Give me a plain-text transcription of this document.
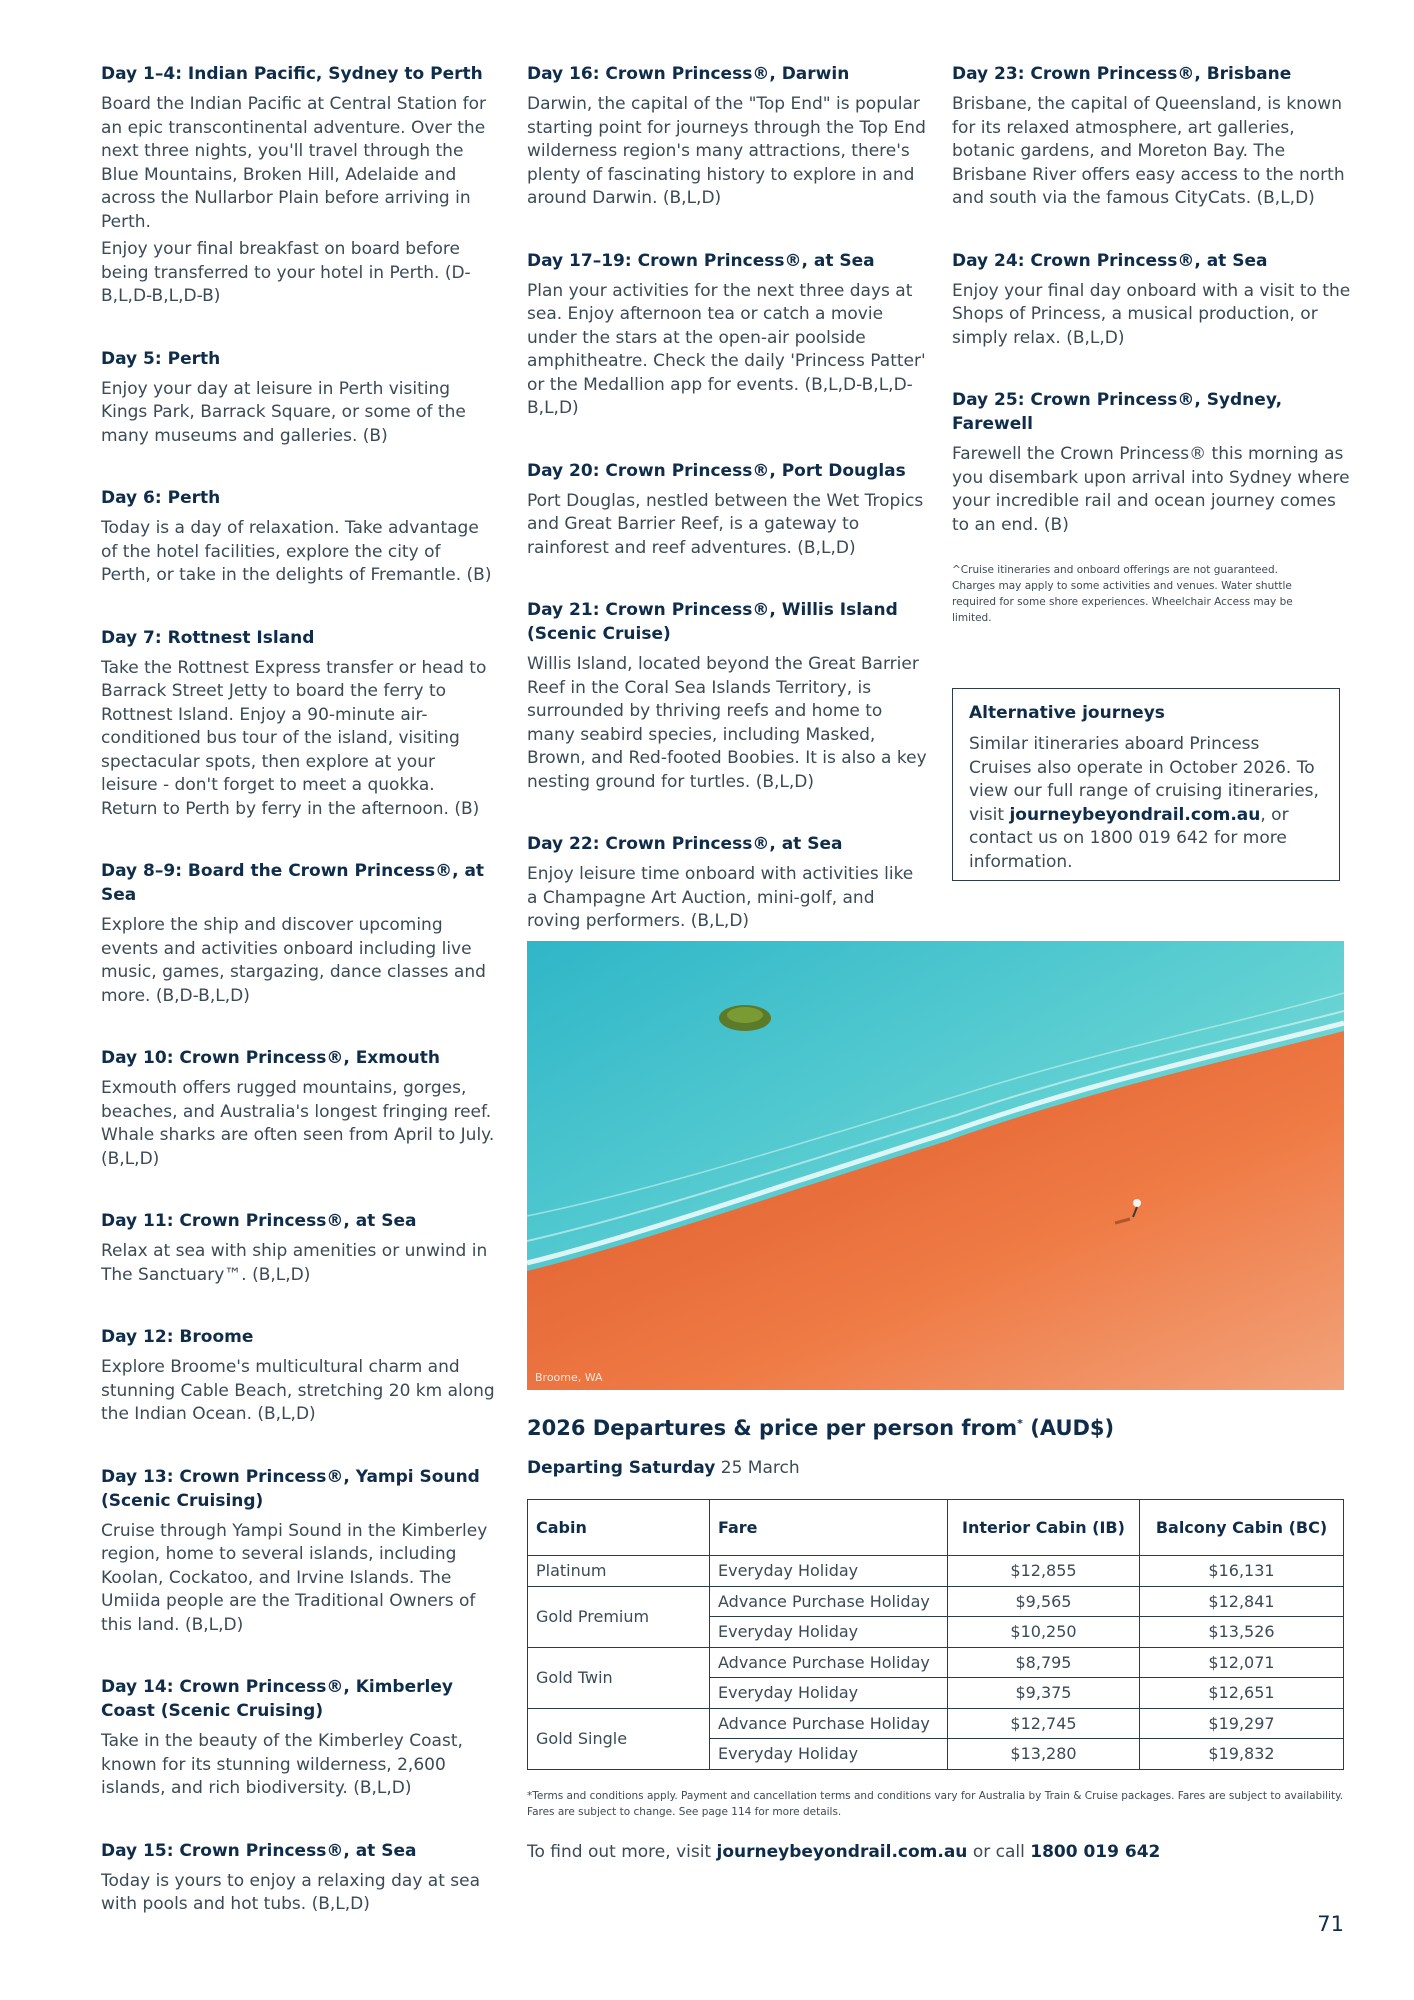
Day 1–4: Indian Pacific, Sydney to Perth

Board the Indian Pacific at Central Station for an epic transcontinental adventure. Over the next three nights, you'll travel through the Blue Mountains, Broken Hill, Adelaide and across the Nullarbor Plain before arriving in Perth.

Enjoy your final breakfast on board before being transferred to your hotel in Perth. (D-B,L,D-B,L,D-B)

Day 5: Perth

Enjoy your day at leisure in Perth visiting Kings Park, Barrack Square, or some of the many museums and galleries. (B)

Day 6: Perth

Today is a day of relaxation. Take advantage of the hotel facilities, explore the city of Perth, or take in the delights of Fremantle. (B)

Day 7: Rottnest Island

Take the Rottnest Express transfer or head to Barrack Street Jetty to board the ferry to Rottnest Island. Enjoy a 90-minute air-conditioned bus tour of the island, visiting spectacular spots, then explore at your leisure - don't forget to meet a quokka. Return to Perth by ferry in the afternoon. (B)

Day 8–9: Board the Crown Princess®, at Sea

Explore the ship and discover upcoming events and activities onboard including live music, games, stargazing, dance classes and more. (B,D-B,L,D)

Day 10: Crown Princess®, Exmouth

Exmouth offers rugged mountains, gorges, beaches, and Australia's longest fringing reef. Whale sharks are often seen from April to July. (B,L,D)

Day 11: Crown Princess®, at Sea

Relax at sea with ship amenities or unwind in The Sanctuary™. (B,L,D)

Day 12: Broome

Explore Broome's multicultural charm and stunning Cable Beach, stretching 20 km along the Indian Ocean. (B,L,D)

Day 13: Crown Princess®, Yampi Sound (Scenic Cruising)

Cruise through Yampi Sound in the Kimberley region, home to several islands, including Koolan, Cockatoo, and Irvine Islands. The Umiida people are the Traditional Owners of this land. (B,L,D)

Day 14: Crown Princess®, Kimberley Coast (Scenic Cruising)

Take in the beauty of the Kimberley Coast, known for its stunning wilderness, 2,600 islands, and rich biodiversity. (B,L,D)

Day 15: Crown Princess®, at Sea

Today is yours to enjoy a relaxing day at sea with pools and hot tubs. (B,L,D)

Day 16: Crown Princess®, Darwin

Darwin, the capital of the "Top End" is popular starting point for journeys through the Top End wilderness region's many attractions, there's plenty of fascinating history to explore in and around Darwin. (B,L,D)

Day 17–19: Crown Princess®, at Sea

Plan your activities for the next three days at sea. Enjoy afternoon tea or catch a movie under the stars at the open-air poolside amphitheatre. Check the daily 'Princess Patter' or the Medallion app for events. (B,L,D-B,L,D-B,L,D)

Day 20: Crown Princess®, Port Douglas

Port Douglas, nestled between the Wet Tropics and Great Barrier Reef, is a gateway to rainforest and reef adventures. (B,L,D)

Day 21: Crown Princess®, Willis Island (Scenic Cruise)

Willis Island, located beyond the Great Barrier Reef in the Coral Sea Islands Territory, is surrounded by thriving reefs and home to many seabird species, including Masked, Brown, and Red-footed Boobies. It is also a key nesting ground for turtles. (B,L,D)

Day 22: Crown Princess®, at Sea

Enjoy leisure time onboard with activities like a Champagne Art Auction, mini-golf, and roving performers. (B,L,D)

Day 23: Crown Princess®, Brisbane

Brisbane, the capital of Queensland, is known for its relaxed atmosphere, art galleries, botanic gardens, and Moreton Bay. The Brisbane River offers easy access to the north and south via the famous CityCats. (B,L,D)

Day 24: Crown Princess®, at Sea

Enjoy your final day onboard with a visit to the Shops of Princess, a musical production, or simply relax. (B,L,D)

Day 25: Crown Princess®, Sydney, Farewell

Farewell the Crown Princess® this morning as you disembark upon arrival into Sydney where your incredible rail and ocean journey comes to an end. (B)

^Cruise itineraries and onboard offerings are not guaranteed. Charges may apply to some activities and venues. Water shuttle required for some shore experiences. Wheelchair Access may be limited.
Alternative journeys

Similar itineraries aboard Princess Cruises also operate in October 2026. To view our full range of cruising itineraries, visit journeybeyondrail.com.au, or contact us on 1800 019 642 for more information.

Broome, WA
2026 Departures & price per person from* (AUD$)

Departing Saturday 25 March

Cabin	Fare	Interior Cabin (IB)	Balcony Cabin (BC)
Platinum	Everyday Holiday	$12,855	$16,131
Gold Premium	Advance Purchase Holiday	$9,565	$12,841
	Everyday Holiday	$10,250	$13,526
Gold Twin	Advance Purchase Holiday	$8,795	$12,071
	Everyday Holiday	$9,375	$12,651
Gold Single	Advance Purchase Holiday	$12,745	$19,297
	Everyday Holiday	$13,280	$19,832
*Terms and conditions apply. Payment and cancellation terms and conditions vary for Australia by Train & Cruise packages. Fares are subject to availability. Fares are subject to change. See page 114 for more details.
To find out more, visit journeybeyondrail.com.au or call 1800 019 642
71
